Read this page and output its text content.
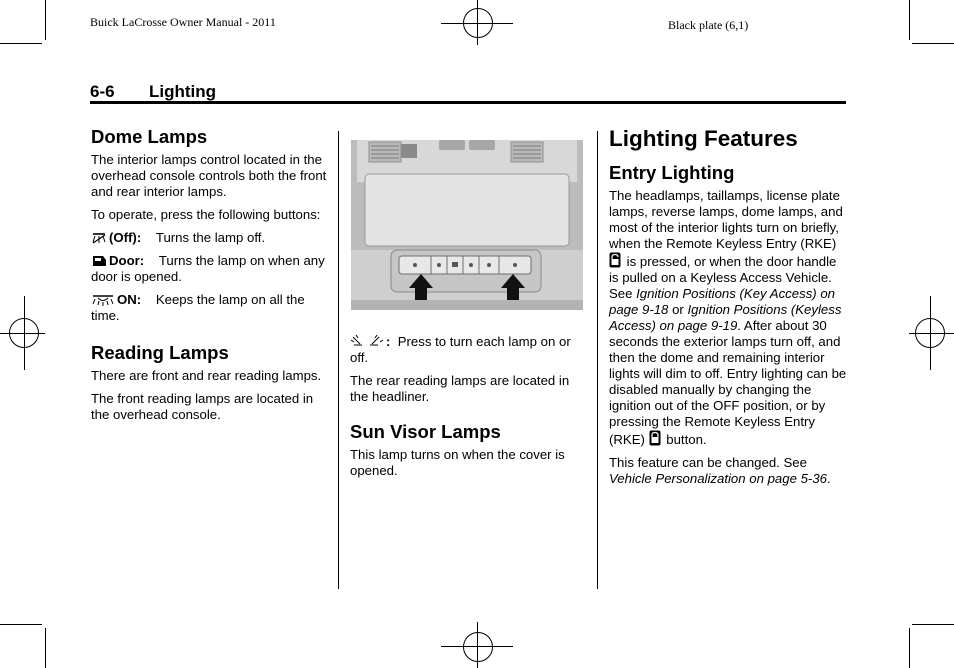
Buick LaCrosse Owner Manual - 2011	Black plate (6,1)
6-6 Lighting
Dome Lamps

The interior lamps control located in the overhead console controls both the front and rear interior lamps.

To operate, press the following buttons:

(Off): Turns the lamp off.

Door: Turns the lamp on when any door is opened.

ON: Keeps the lamp on all the time.

Reading Lamps

There are front and rear reading lamps.

The front reading lamps are located in the overhead console.

: Press to turn each lamp on or off.

The rear reading lamps are located in the headliner.

Sun Visor Lamps

This lamp turns on when the cover is opened.

Lighting Features
Entry Lighting

The headlamps, taillamps, license plate lamps, reverse lamps, dome lamps, and most of the interior lights turn on briefly, when the Remote Keyless Entry (RKE)  is pressed, or when the door handle is pulled on a Keyless Access Vehicle. See Ignition Positions (Key Access) on page 9-18 or Ignition Positions (Keyless Access) on page 9-19. After about 30 seconds the exterior lamps turn off, and then the dome and remaining interior lights will dim to off. Entry lighting can be disabled manually by changing the ignition out of the OFF position, or by pressing the Remote Keyless Entry (RKE) button.

This feature can be changed. See Vehicle Personalization on page 5-36.
